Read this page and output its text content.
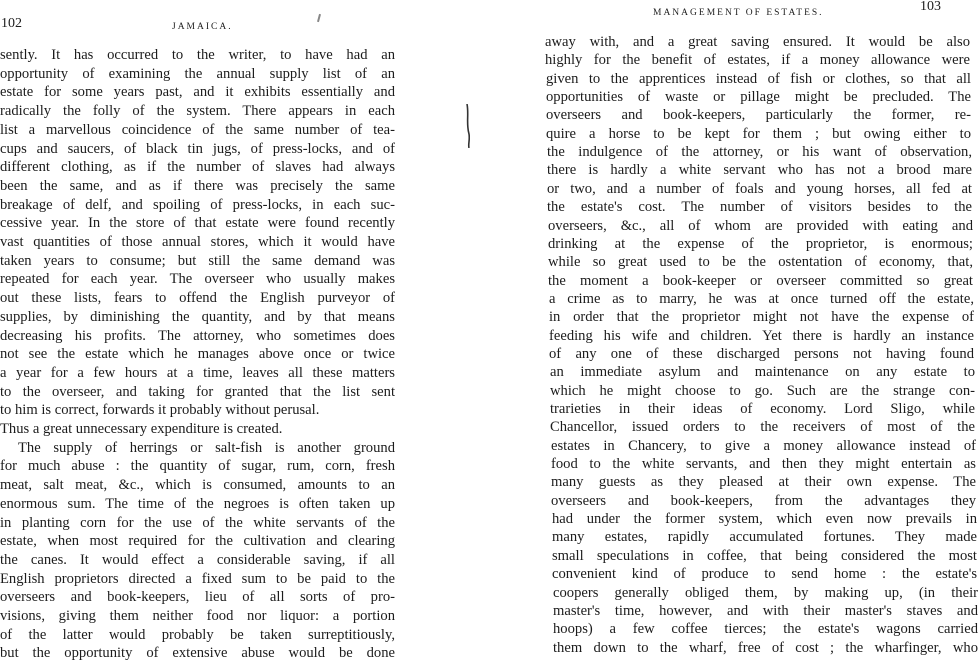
102	JAMAICA.
sently. It has occurred to the writer, to have had an
opportunity of examining the annual supply list of an
estate for some years past, and it exhibits essentially and
radically the folly of the system. There appears in each
list a marvellous coincidence of the same number of tea-
cups and saucers, of black tin jugs, of press-locks, and of
different clothing, as if the number of slaves had always
been the same, and as if there was precisely the same
breakage of delf, and spoiling of press-locks, in each suc-
cessive year. In the store of that estate were found recently
vast quantities of those annual stores, which it would have
taken years to consume; but still the same demand was
repeated for each year. The overseer who usually makes
out these lists, fears to offend the English purveyor of
supplies, by diminishing the quantity, and by that means
decreasing his profits. The attorney, who sometimes does
not see the estate which he manages above once or twice
a year for a few hours at a time, leaves all these matters
to the overseer, and taking for granted that the list sent
to him is correct, forwards it probably without perusal.
Thus a great unnecessary expenditure is created.
The supply of herrings or salt-fish is another ground
for much abuse : the quantity of sugar, rum, corn, fresh
meat, salt meat, &c., which is consumed, amounts to an
enormous sum. The time of the negroes is often taken up
in planting corn for the use of the white servants of the
estate, when most required for the cultivation and clearing
the canes. It would effect a considerable saving, if all
English proprietors directed a fixed sum to be paid to the
overseers and book-keepers, lieu of all sorts of pro-
visions, giving them neither food nor liquor: a portion
of the latter would probably be taken surreptitiously,
but the opportunity of extensive abuse would be done
MANAGEMENT OF ESTATES.	103
away with, and a great saving ensured. It would be also
highly for the benefit of estates, if a money allowance were
given to the apprentices instead of fish or clothes, so that all
opportunities of waste or pillage might be precluded. The
overseers and book-keepers, particularly the former, re-
quire a horse to be kept for them ; but owing either to
the indulgence of the attorney, or his want of observation,
there is hardly a white servant who has not a brood mare
or two, and a number of foals and young horses, all fed at
the estate's cost. The number of visitors besides to the
overseers, &c., all of whom are provided with eating and
drinking at the expense of the proprietor, is enormous;
while so great used to be the ostentation of economy, that,
the moment a book-keeper or overseer committed so great
a crime as to marry, he was at once turned off the estate,
in order that the proprietor might not have the expense of
feeding his wife and children. Yet there is hardly an instance
of any one of these discharged persons not having found
an immediate asylum and maintenance on any estate to
which he might choose to go. Such are the strange con-
trarieties in their ideas of economy. Lord Sligo, while
Chancellor, issued orders to the receivers of most of the
estates in Chancery, to give a money allowance instead of
food to the white servants, and then they might entertain as
many guests as they pleased at their own expense. The
overseers and book-keepers, from the advantages they
had under the former system, which even now prevails in
many estates, rapidly accumulated fortunes. They made
small speculations in coffee, that being considered the most
convenient kind of produce to send home : the estate's
coopers generally obliged them, by making up, (in their
master's time, however, and with their master's staves and
hoops) a few coffee tierces; the estate's wagons carried
them down to the wharf, free of cost ; the wharfinger, who
